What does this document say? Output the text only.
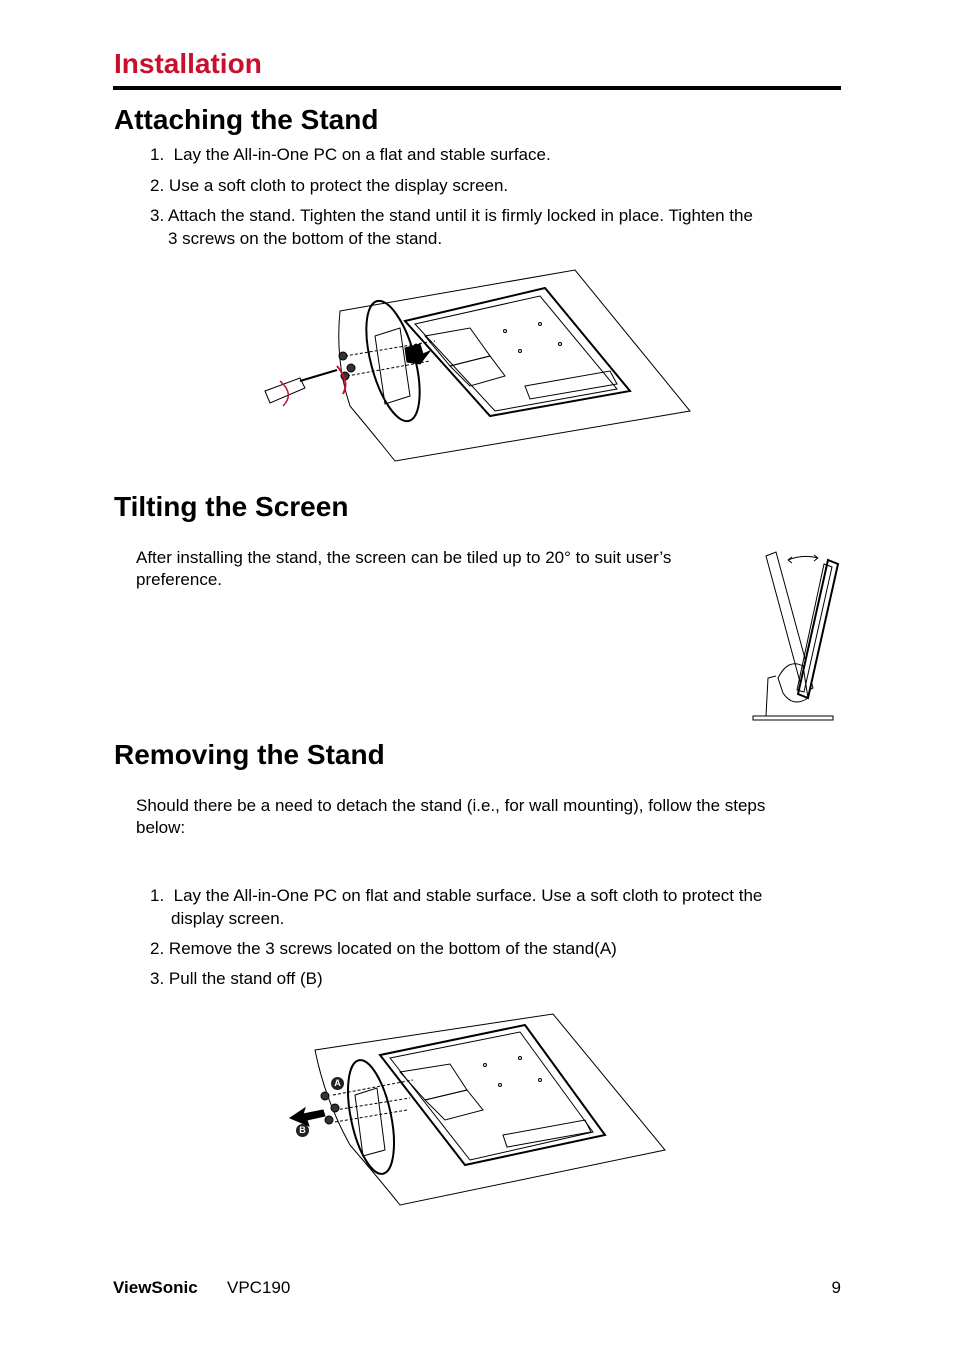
Installation
Attaching the Stand

1. Lay the All-in-One PC on a flat and stable surface.

2. Use a soft cloth to protect the display screen.

3. Attach the stand. Tighten the stand until it is firmly locked in place. Tighten the
3 screws on the bottom of the stand.

Tilting the Screen

After installing the stand, the screen can be tiled up to 20° to suit user’s
preference.

Removing the Stand

Should there be a need to detach the stand (i.e., for wall mounting), follow the steps
below:

1. Lay the All-in-One PC on flat and stable surface. Use a soft cloth to protect the
display screen.

2. Remove the 3 screws located on the bottom of the stand(A)

3. Pull the stand off (B)

A
B
ViewSonic VPC190	9
